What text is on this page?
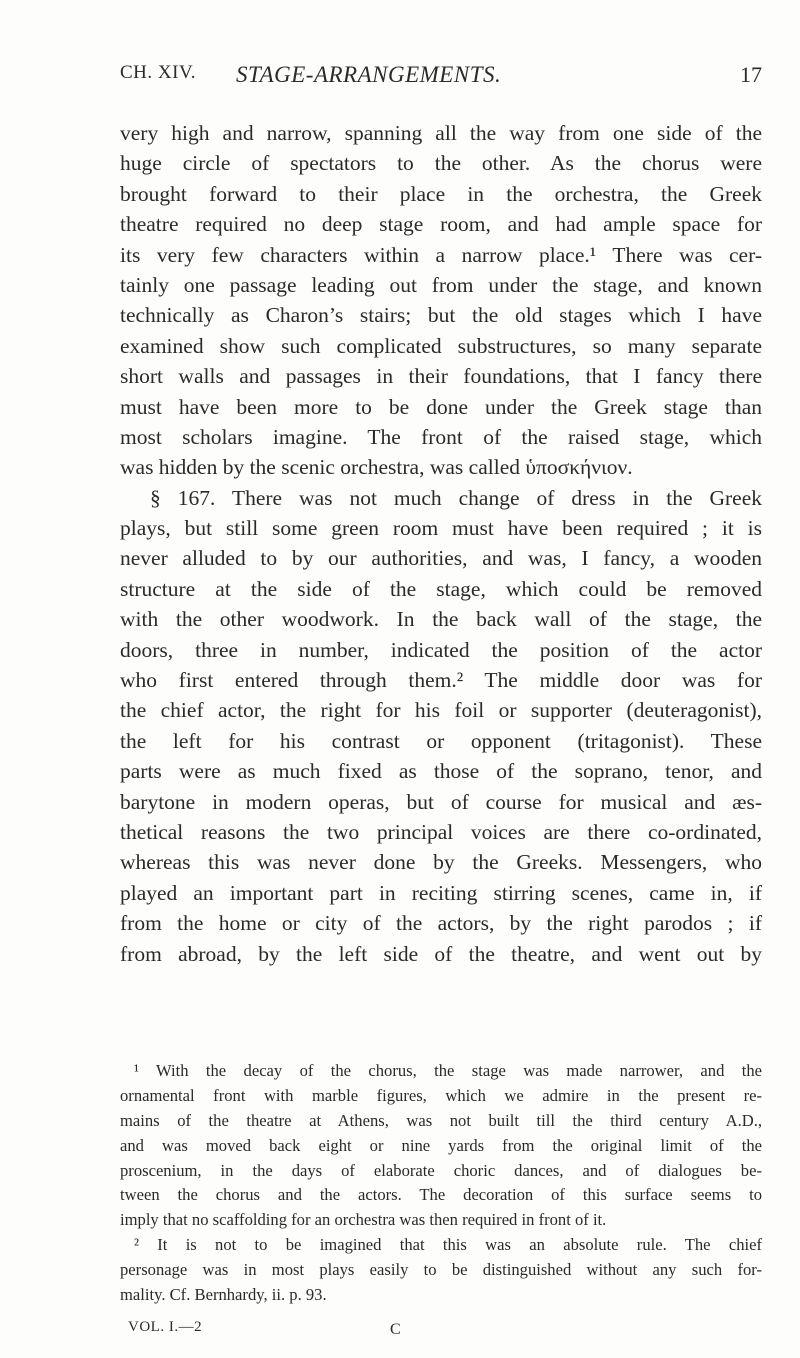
CH. XIV. STAGE-ARRANGEMENTS.	17
very high and narrow, spanning all the way from one side of the
huge circle of spectators to the other. As the chorus were
brought forward to their place in the orchestra, the Greek
theatre required no deep stage room, and had ample space for
its very few characters within a narrow place.¹ There was cer-
tainly one passage leading out from under the stage, and known
technically as Charon’s stairs; but the old stages which I have
examined show such complicated substructures, so many separate
short walls and passages in their foundations, that I fancy there
must have been more to be done under the Greek stage than
most scholars imagine. The front of the raised stage, which
was hidden by the scenic orchestra, was called ὑποσκήνιον.
§ 167. There was not much change of dress in the Greek
plays, but still some green room must have been required ; it is
never alluded to by our authorities, and was, I fancy, a wooden
structure at the side of the stage, which could be removed
with the other woodwork. In the back wall of the stage, the
doors, three in number, indicated the position of the actor
who first entered through them.² The middle door was for
the chief actor, the right for his foil or supporter (deuteragonist),
the left for his contrast or opponent (tritagonist). These
parts were as much fixed as those of the soprano, tenor, and
barytone in modern operas, but of course for musical and æs-
thetical reasons the two principal voices are there co-ordinated,
whereas this was never done by the Greeks. Messengers, who
played an important part in reciting stirring scenes, came in, if
from the home or city of the actors, by the right parodos ; if
from abroad, by the left side of the theatre, and went out by
¹ With the decay of the chorus, the stage was made narrower, and the
ornamental front with marble figures, which we admire in the present re-
mains of the theatre at Athens, was not built till the third century A.D.,
and was moved back eight or nine yards from the original limit of the
proscenium, in the days of elaborate choric dances, and of dialogues be-
tween the chorus and the actors. The decoration of this surface seems to
imply that no scaffolding for an orchestra was then required in front of it.
² It is not to be imagined that this was an absolute rule. The chief
personage was in most plays easily to be distinguished without any such for-
mality. Cf. Bernhardy, ii. p. 93.
VOL. I.—2	C
